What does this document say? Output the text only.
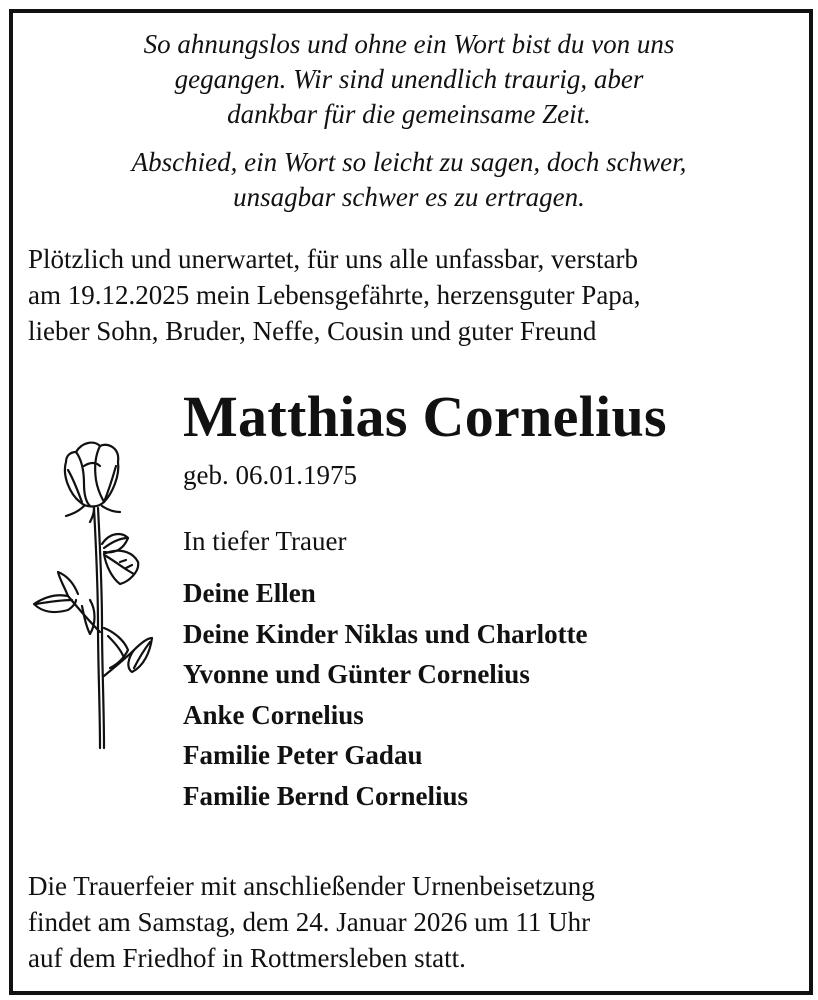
So ahnungslos und ohne ein Wort bist du von uns
gegangen. Wir sind unendlich traurig, aber
dankbar für die gemeinsame Zeit.

Abschied, ein Wort so leicht zu sagen, doch schwer,
unsagbar schwer es zu ertragen.

Plötzlich und unerwartet, für uns alle unfassbar, verstarb
am 19.12.2025 mein Lebensgefährte, herzensguter Papa,
lieber Sohn, Bruder, Neffe, Cousin und guter Freund

Matthias Cornelius
geb. 06.01.1975
In tiefer Trauer
Deine Ellen
Deine Kinder Niklas und Charlotte
Yvonne und Günter Cornelius
Anke Cornelius
Familie Peter Gadau
Familie Bernd Cornelius

Die Trauerfeier mit anschließender Urnenbeisetzung
findet am Samstag, dem 24. Januar 2026 um 11 Uhr
auf dem Friedhof in Rottmersleben statt.
